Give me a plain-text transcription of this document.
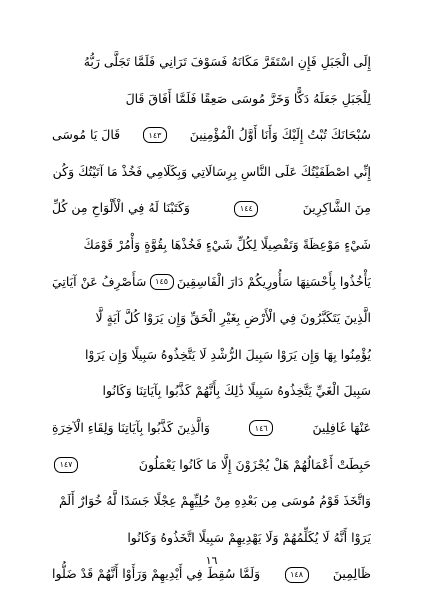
إِلَى الْجَبَلِ فَإِنِ اسْتَقَرَّ مَكَانَهُ فَسَوْفَ تَرَانِي فَلَمَّا تَجَلَّى رَبُّهُ
لِلْجَبَلِ جَعَلَهُ دَكًّا وَخَرَّ مُوسَى صَعِقًا فَلَمَّا أَفَاقَ قَالَ
سُبْحَانَكَ تُبْتُ إِلَيْكَ وَأَنَا أَوَّلُ الْمُؤْمِنِينَ
١٤٣
قَالَ يَا مُوسَى
إِنِّي اصْطَفَيْتُكَ عَلَى النَّاسِ بِرِسَالَاتِي وَبِكَلَامِي فَخُذْ مَا آتَيْتُكَ وَكُن
مِنَ الشَّاكِرِينَ
١٤٤
وَكَتَبْنَا لَهُ فِي الْأَلْوَاحِ مِن كُلِّ
شَيْءٍ مَوْعِظَةً وَتَفْصِيلًا لِكُلِّ شَيْءٍ فَخُذْهَا بِقُوَّةٍ وَأْمُرْ قَوْمَكَ
يَأْخُذُوا بِأَحْسَنِهَا سَأُورِيكُمْ دَارَ الْفَاسِقِينَ
١٤٥
سَأَصْرِفُ عَنْ آيَاتِيَ
الَّذِينَ يَتَكَبَّرُونَ فِي الْأَرْضِ بِغَيْرِ الْحَقِّ وَإِن يَرَوْا كُلَّ آيَةٍ لَّا
يُؤْمِنُوا بِهَا وَإِن يَرَوْا سَبِيلَ الرُّشْدِ لَا يَتَّخِذُوهُ سَبِيلًا وَإِن يَرَوْا
سَبِيلَ الْغَيِّ يَتَّخِذُوهُ سَبِيلًا ذَٰلِكَ بِأَنَّهُمْ كَذَّبُوا بِآيَاتِنَا وَكَانُوا
عَنْهَا غَافِلِينَ
١٤٦
وَالَّذِينَ كَذَّبُوا بِآيَاتِنَا وَلِقَاءِ الْآخِرَةِ
حَبِطَتْ أَعْمَالُهُمْ هَلْ يُجْزَوْنَ إِلَّا مَا كَانُوا يَعْمَلُونَ
١٤٧
وَاتَّخَذَ قَوْمُ مُوسَى مِن بَعْدِهِ مِنْ حُلِيِّهِمْ عِجْلًا جَسَدًا لَّهُ خُوَارٌ أَلَمْ
يَرَوْا أَنَّهُ لَا يُكَلِّمُهُمْ وَلَا يَهْدِيهِمْ سَبِيلًا اتَّخَذُوهُ وَكَانُوا
ظَالِمِينَ
١٤٨
وَلَمَّا سُقِطَ فِي أَيْدِيهِمْ وَرَأَوْا أَنَّهُمْ قَدْ ضَلُّوا
١٦
